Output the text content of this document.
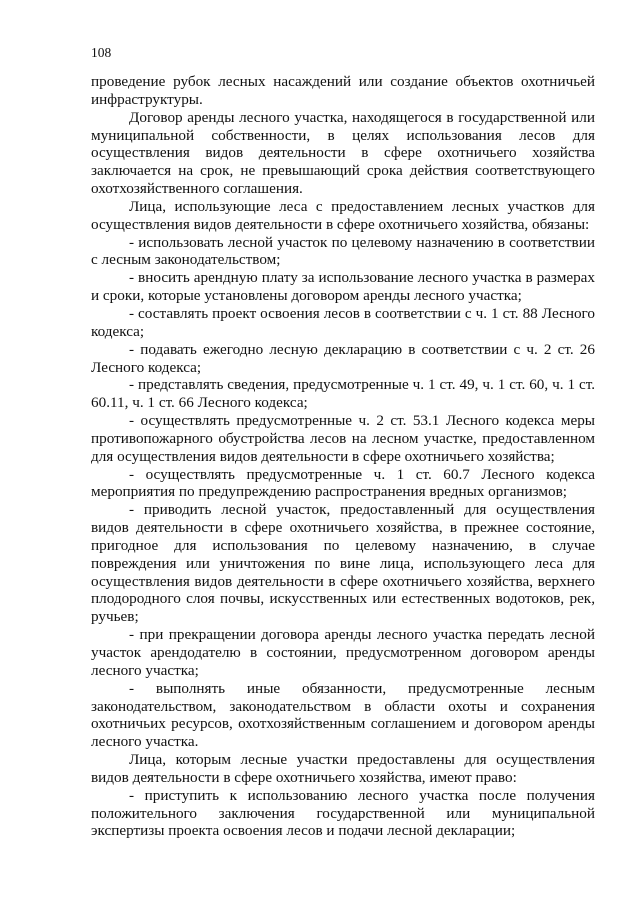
108
проведение рубок лесных насаждений или создание объектов охотничьей
инфраструктуры.
Договор аренды лесного участка, находящегося в государственной или
муниципальной собственности, в целях использования лесов для
осуществления видов деятельности в сфере охотничьего хозяйства
заключается на срок, не превышающий срока действия соответствующего
охотхозяйственного соглашения.
Лица, использующие леса с предоставлением лесных участков для
осуществления видов деятельности в сфере охотничьего хозяйства, обязаны:
- использовать лесной участок по целевому назначению в соответствии
с лесным законодательством;
- вносить арендную плату за использование лесного участка в размерах
и сроки, которые установлены договором аренды лесного участка;
- составлять проект освоения лесов в соответствии с ч. 1 ст. 88 Лесного
кодекса;
- подавать ежегодно лесную декларацию в соответствии с ч. 2 ст. 26
Лесного кодекса;
- представлять сведения, предусмотренные ч. 1 ст. 49, ч. 1 ст. 60, ч. 1 ст.
60.11, ч. 1 ст. 66 Лесного кодекса;
- осуществлять предусмотренные ч. 2 ст. 53.1 Лесного кодекса меры
противопожарного обустройства лесов на лесном участке, предоставленном
для осуществления видов деятельности в сфере охотничьего хозяйства;
- осуществлять предусмотренные ч. 1 ст. 60.7 Лесного кодекса
мероприятия по предупреждению распространения вредных организмов;
- приводить лесной участок, предоставленный для осуществления
видов деятельности в сфере охотничьего хозяйства, в прежнее состояние,
пригодное для использования по целевому назначению, в случае
повреждения или уничтожения по вине лица, использующего леса для
осуществления видов деятельности в сфере охотничьего хозяйства, верхнего
плодородного слоя почвы, искусственных или естественных водотоков, рек,
ручьев;
- при прекращении договора аренды лесного участка передать лесной
участок арендодателю в состоянии, предусмотренном договором аренды
лесного участка;
- выполнять иные обязанности, предусмотренные лесным
законодательством, законодательством в области охоты и сохранения
охотничьих ресурсов, охотхозяйственным соглашением и договором аренды
лесного участка.
Лица, которым лесные участки предоставлены для осуществления
видов деятельности в сфере охотничьего хозяйства, имеют право:
- приступить к использованию лесного участка после получения
положительного заключения государственной или муниципальной
экспертизы проекта освоения лесов и подачи лесной декларации;
